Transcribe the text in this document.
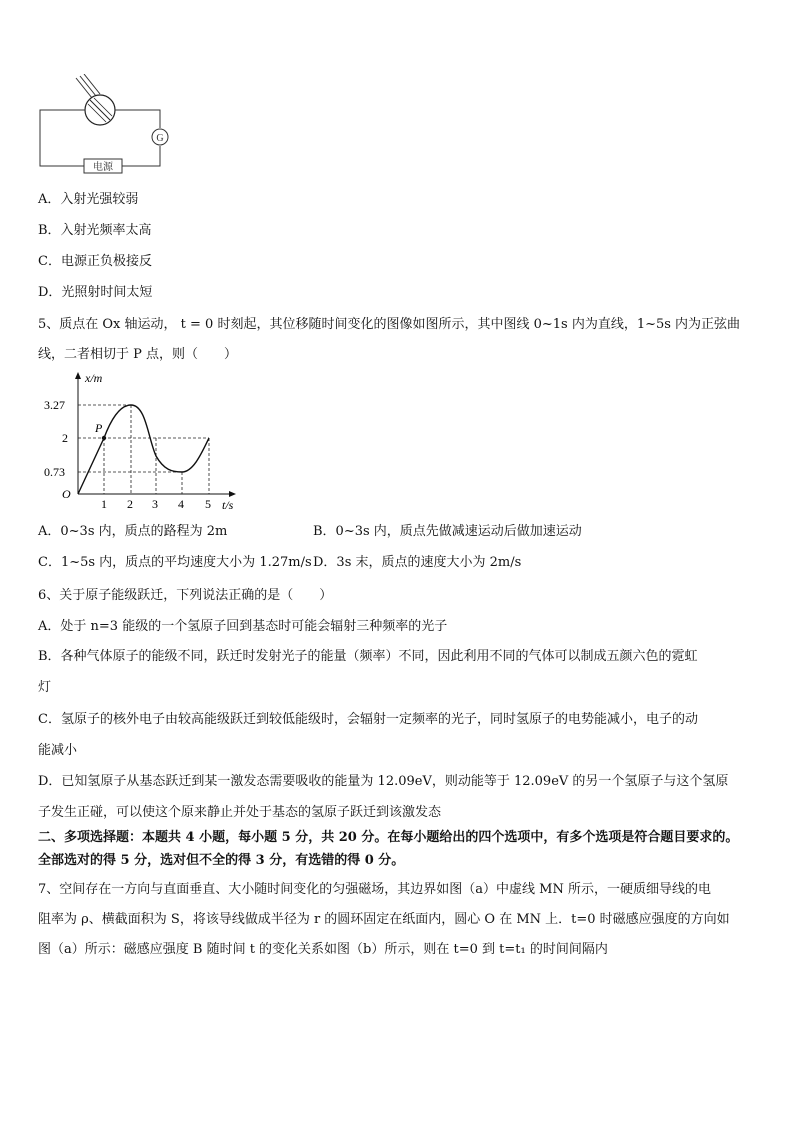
G
电源
A．入射光强较弱
B．入射光频率太高
C．电源正负极接反
D．光照射时间太短
5、质点在 Ox 轴运动， t = 0 时刻起，其位移随时间变化的图像如图所示，其中图线 0~1s 内为直线，1~5s 内为正弦曲
线，二者相切于 P 点，则（　　）
x/m
t/s
O
P
3.27
2
0.73
1 2 3 4 5
A．0~3s 内，质点的路程为 2m	B．0~3s 内，质点先做减速运动后做加速运动
C．1~5s 内，质点的平均速度大小为 1.27m/s D．3s 末，质点的速度大小为 2m/s
6、关于原子能级跃迁，下列说法正确的是（　　）
A．处于 n=3 能级的一个氢原子回到基态时可能会辐射三种频率的光子
B．各种气体原子的能级不同，跃迁时发射光子的能量（频率）不同，因此利用不同的气体可以制成五颜六色的霓虹
灯
C．氢原子的核外电子由较高能级跃迁到较低能级时，会辐射一定频率的光子，同时氢原子的电势能减小，电子的动
能减小
D．已知氢原子从基态跃迁到某一激发态需要吸收的能量为 12.09eV，则动能等于 12.09eV 的另一个氢原子与这个氢原
子发生正碰，可以使这个原来静止并处于基态的氢原子跃迁到该激发态
二、多项选择题：本题共 4 小题，每小题 5 分，共 20 分。在每小题给出的四个选项中，有多个选项是符合题目要求的。
全部选对的得 5 分，选对但不全的得 3 分，有选错的得 0 分。
7、空间存在一方向与直面垂直、大小随时间变化的匀强磁场，其边界如图（a）中虚线 MN 所示，一硬质细导线的电
阻率为 ρ、横截面积为 S，将该导线做成半径为 r 的圆环固定在纸面内，圆心 O 在 MN 上．t=0 时磁感应强度的方向如
图（a）所示：磁感应强度 B 随时间 t 的变化关系如图（b）所示，则在 t=0 到 t=t₁ 的时间间隔内
